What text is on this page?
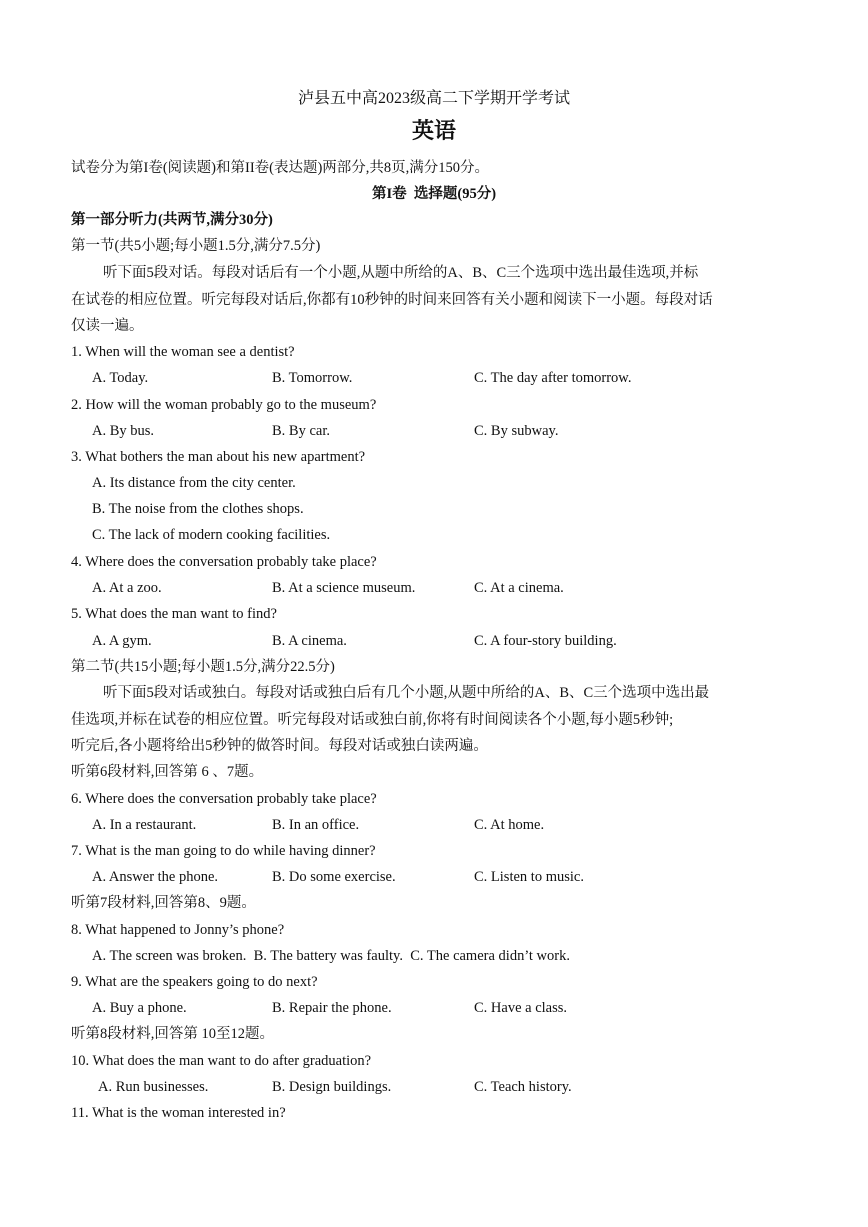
泸县五中高2023级高二下学期开学考试
英语
试卷分为第I卷(阅读题)和第II卷(表达题)两部分,共8页,满分150分。
第I卷  选择题(95分)
第一部分听力(共两节,满分30分)
第一节(共5小题;每小题1.5分,满分7.5分)
听下面5段对话。每段对话后有一个小题,从题中所给的A、B、C三个选项中选出最佳选项,并标
在试卷的相应位置。听完每段对话后,你都有10秒钟的时间来回答有关小题和阅读下一小题。每段对话
仅读一遍。
1. When will the woman see a dentist?
A. Today.	B. Tomorrow.	C. The day after tomorrow.
2. How will the woman probably go to the museum?
A. By bus.	B. By car.	C. By subway.
3. What bothers the man about his new apartment?
A. Its distance from the city center.
B. The noise from the clothes shops.
C. The lack of modern cooking facilities.
4. Where does the conversation probably take place?
A. At a zoo.	B. At a science museum.	C. At a cinema.
5. What does the man want to find?
A. A gym.	B. A cinema.	C. A four-story building.
第二节(共15小题;每小题1.5分,满分22.5分)
听下面5段对话或独白。每段对话或独白后有几个小题,从题中所给的A、B、C三个选项中选出最
佳选项,并标在试卷的相应位置。听完每段对话或独白前,你将有时间阅读各个小题,每小题5秒钟;
听完后,各小题将给出5秒钟的做答时间。每段对话或独白读两遍。
听第6段材料,回答第 6 、7题。
6. Where does the conversation probably take place?
A. In a restaurant.	B. In an office.	C. At home.
7. What is the man going to do while having dinner?
A. Answer the phone.	B. Do some exercise.	C. Listen to music.
听第7段材料,回答第8、9题。
8. What happened to Jonny’s phone?
A. The screen was broken.  B. The battery was faulty.  C. The camera didn’t work.
9. What are the speakers going to do next?
A. Buy a phone.	B. Repair the phone.	C. Have a class.
听第8段材料,回答第 10至12题。
10. What does the man want to do after graduation?
A. Run businesses.	B. Design buildings.	C. Teach history.
11. What is the woman interested in?
